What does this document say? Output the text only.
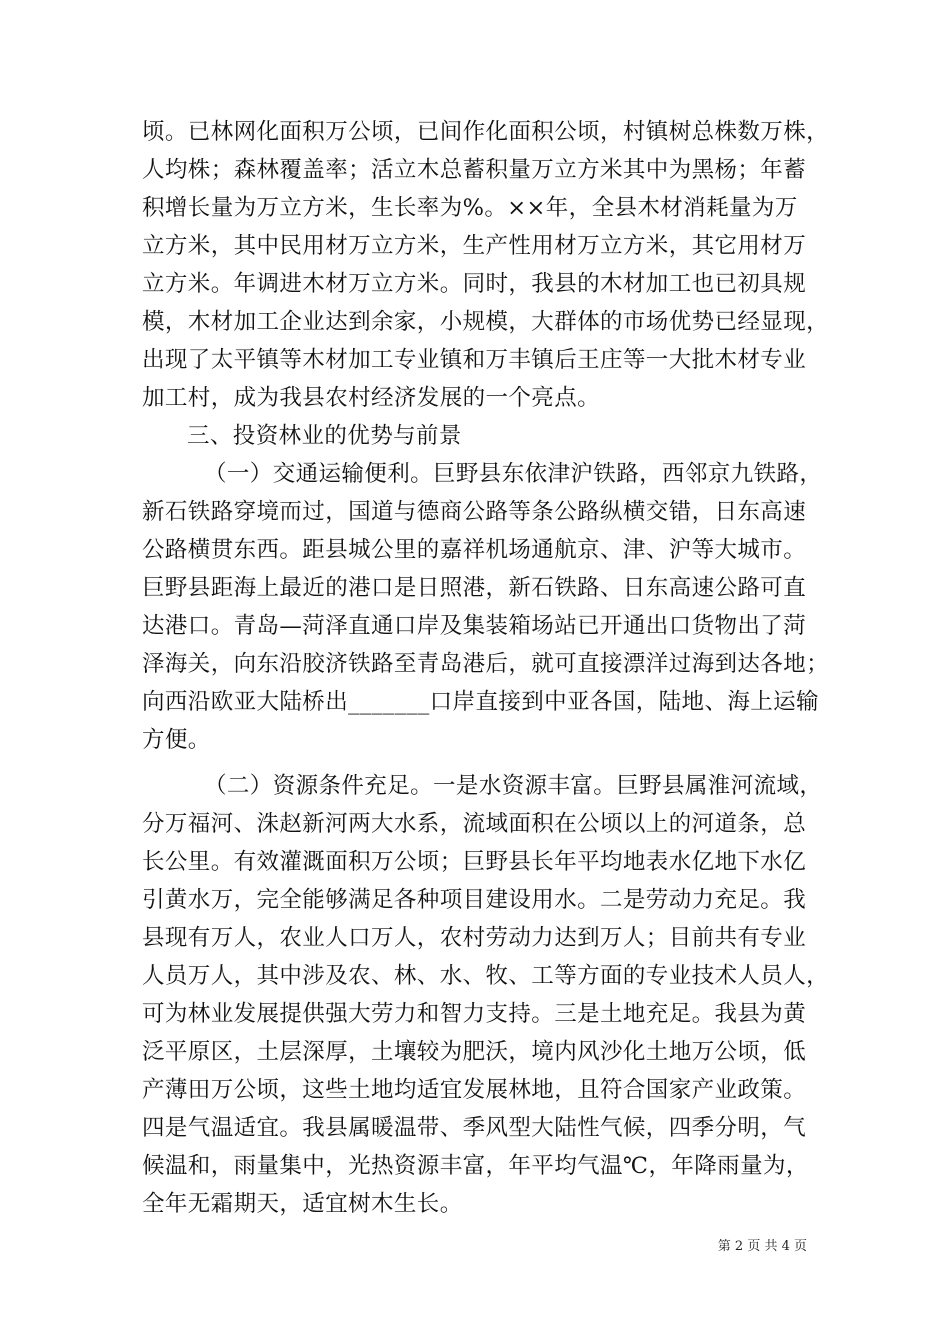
顷。已林网化面积万公顷，已间作化面积公顷，村镇树总株数万株，
人均株；森林覆盖率；活立木总蓄积量万立方米其中为黑杨；年蓄
积增长量为万立方米，生长率为%。××年，全县木材消耗量为万
立方米，其中民用材万立方米，生产性用材万立方米，其它用材万
立方米。年调进木材万立方米。同时，我县的木材加工也已初具规
模，木材加工企业达到余家，小规模，大群体的市场优势已经显现，
出现了太平镇等木材加工专业镇和万丰镇后王庄等一大批木材专业
加工村，成为我县农村经济发展的一个亮点。
三、投资林业的优势与前景
（一）交通运输便利。巨野县东依津沪铁路，西邻京九铁路，
新石铁路穿境而过，国道与德商公路等条公路纵横交错，日东高速
公路横贯东西。距县城公里的嘉祥机场通航京、津、沪等大城市。
巨野县距海上最近的港口是日照港，新石铁路、日东高速公路可直
达港口。青岛—菏泽直通口岸及集装箱场站已开通出口货物出了菏
泽海关，向东沿胶济铁路至青岛港后，就可直接漂洋过海到达各地；
向西沿欧亚大陆桥出_______口岸直接到中亚各国，陆地、海上运输
方便。
（二）资源条件充足。一是水资源丰富。巨野县属淮河流域，
分万福河、洙赵新河两大水系，流域面积在公顷以上的河道条，总
长公里。有效灌溉面积万公顷；巨野县长年平均地表水亿地下水亿
引黄水万，完全能够满足各种项目建设用水。二是劳动力充足。我
县现有万人，农业人口万人，农村劳动力达到万人；目前共有专业
人员万人，其中涉及农、林、水、牧、工等方面的专业技术人员人，
可为林业发展提供强大劳力和智力支持。三是土地充足。我县为黄
泛平原区，土层深厚，土壤较为肥沃，境内风沙化土地万公顷，低
产薄田万公顷，这些土地均适宜发展林地，且符合国家产业政策。
四是气温适宜。我县属暖温带、季风型大陆性气候，四季分明，气
候温和，雨量集中，光热资源丰富，年平均气温℃，年降雨量为，
全年无霜期天，适宜树木生长。
第 2 页 共 4 页
